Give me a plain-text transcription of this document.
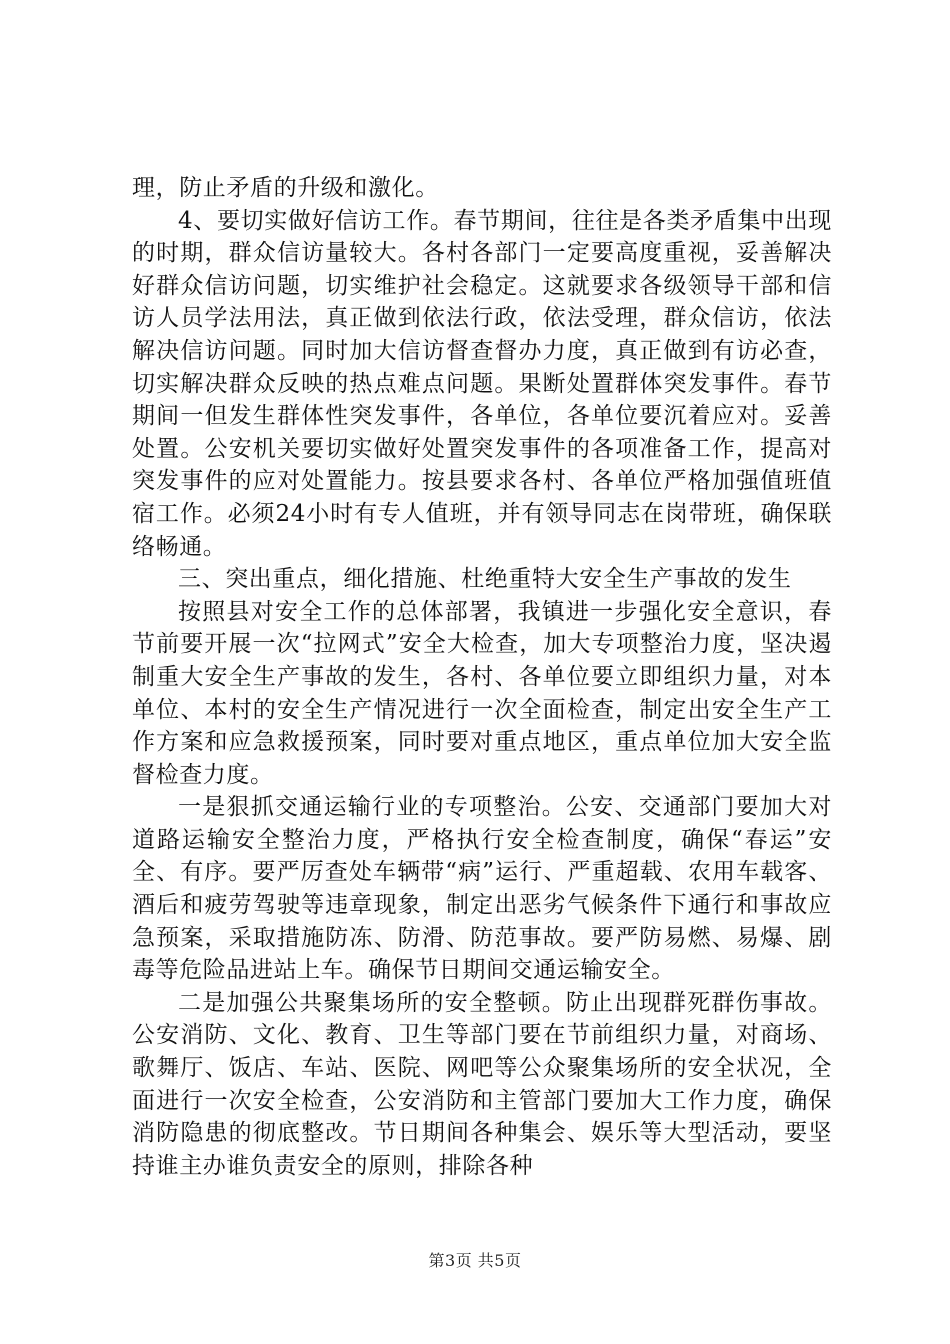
理，防止矛盾的升级和激化。

4、要切实做好信访工作。春节期间，往往是各类矛盾集中出现的时期，群众信访量较大。各村各部门一定要高度重视，妥善解决好群众信访问题，切实维护社会稳定。这就要求各级领导干部和信访人员学法用法，真正做到依法行政，依法受理，群众信访，依法解决信访问题。同时加大信访督查督办力度，真正做到有访必查，切实解决群众反映的热点难点问题。果断处置群体突发事件。春节期间一但发生群体性突发事件，各单位，各单位要沉着应对。妥善处置。公安机关要切实做好处置突发事件的各项准备工作，提高对突发事件的应对处置能力。按县要求各村、各单位严格加强值班值宿工作。必须24小时有专人值班，并有领导同志在岗带班，确保联络畅通。

三、突出重点，细化措施、杜绝重特大安全生产事故的发生

按照县对安全工作的总体部署，我镇进一步强化安全意识，春节前要开展一次“拉网式”安全大检查，加大专项整治力度，坚决遏制重大安全生产事故的发生，各村、各单位要立即组织力量，对本单位、本村的安全生产情况进行一次全面检查，制定出安全生产工作方案和应急救援预案，同时要对重点地区，重点单位加大安全监督检查力度。

一是狠抓交通运输行业的专项整治。公安、交通部门要加大对道路运输安全整治力度，严格执行安全检查制度，确保“春运”安全、有序。要严厉查处车辆带“病”运行、严重超载、农用车载客、酒后和疲劳驾驶等违章现象，制定出恶劣气候条件下通行和事故应急预案，采取措施防冻、防滑、防范事故。要严防易燃、易爆、剧毒等危险品进站上车。确保节日期间交通运输安全。

二是加强公共聚集场所的安全整顿。防止出现群死群伤事故。公安消防、文化、教育、卫生等部门要在节前组织力量，对商场、歌舞厅、饭店、车站、医院、网吧等公众聚集场所的安全状况，全面进行一次安全检查，公安消防和主管部门要加大工作力度，确保消防隐患的彻底整改。节日期间各种集会、娱乐等大型活动，要坚持谁主办谁负责安全的原则，排除各种

第3页 共5页
